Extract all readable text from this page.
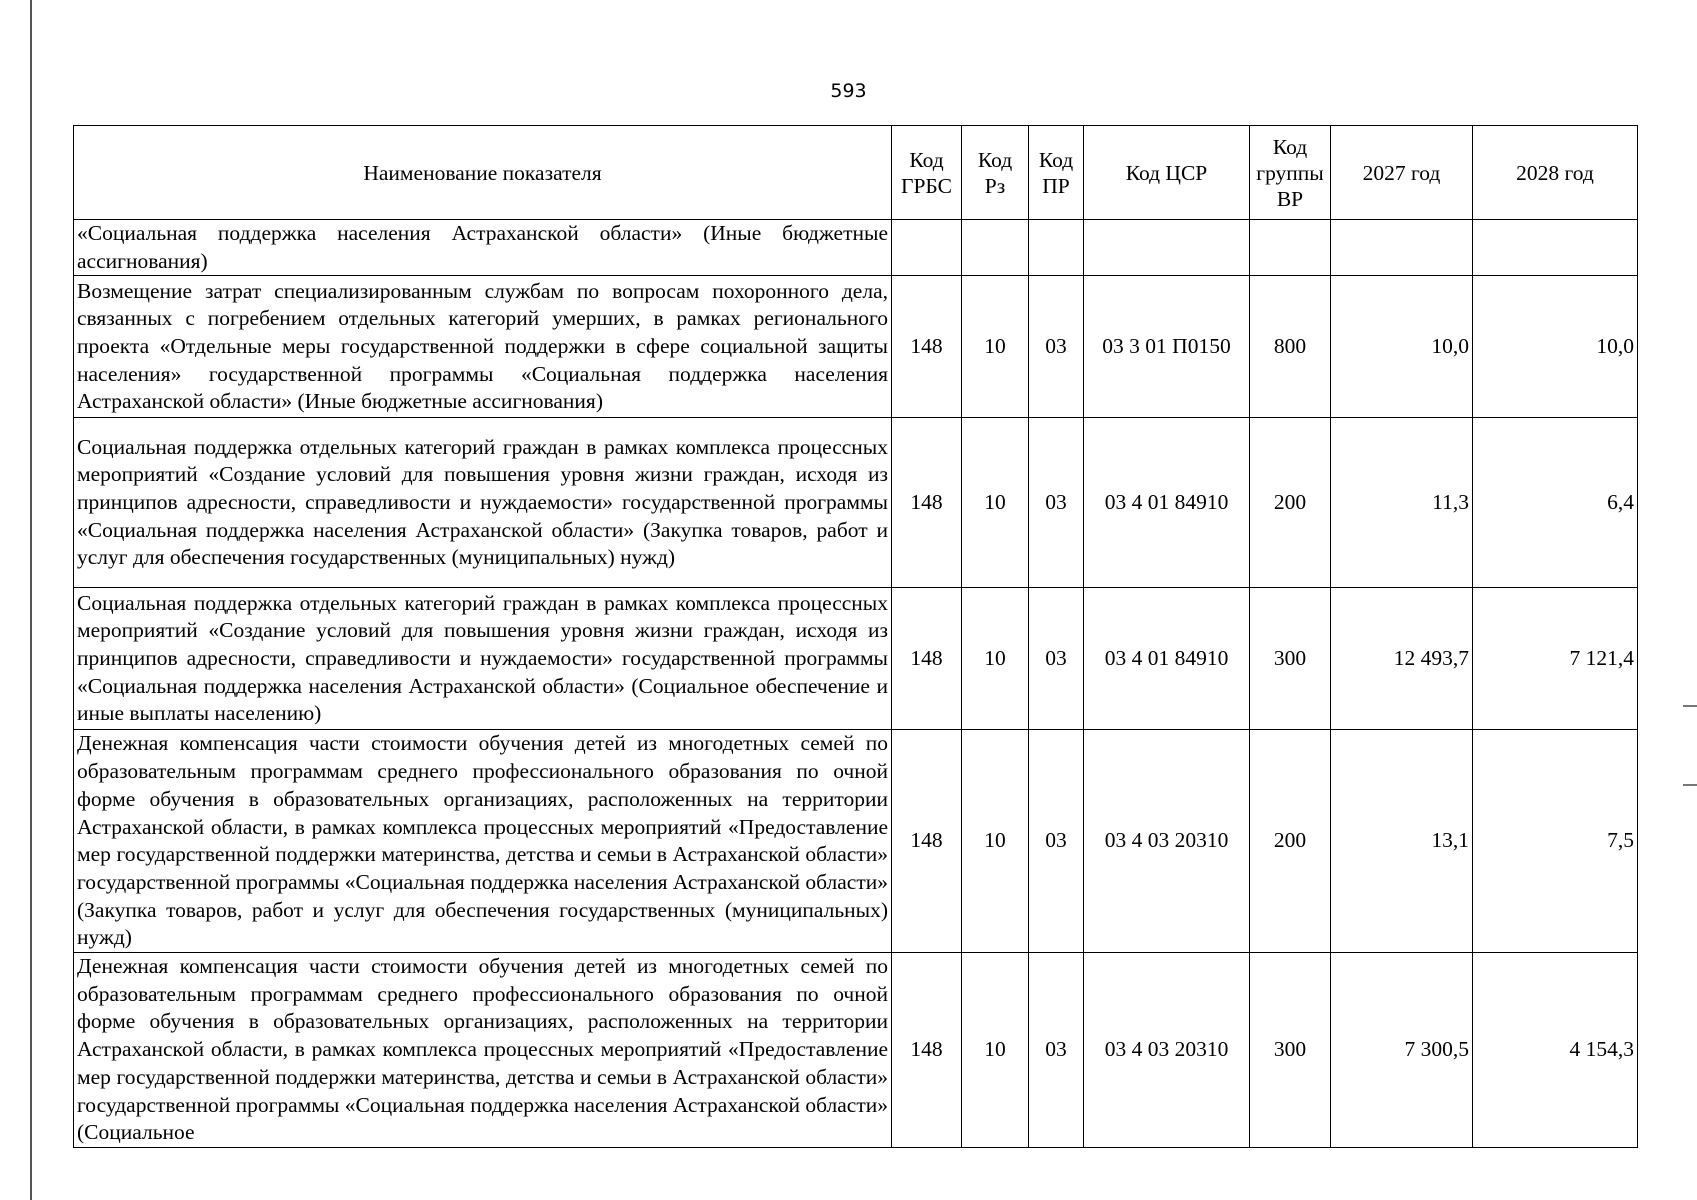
593
Наименование показателя	Код ГРБС	Код Рз	Код ПР	Код ЦСР	Код группы ВР	2027 год	2028 год
«Социальная поддержка населения Астраханской области» (Иные бюджетные ассигнования)							
Возмещение затрат специализированным службам по вопросам похоронного дела, связанных с погребением отдельных категорий умерших, в рамках регионального проекта «Отдельные меры государственной поддержки в сфере социальной защиты населения» государственной программы «Социальная поддержка населения Астраханской области» (Иные бюджетные ассигнования)	148	10	03	03 3 01 П0150	800	10,0	10,0
Социальная поддержка отдельных категорий граждан в рамках комплекса процессных мероприятий «Создание условий для повышения уровня жизни граждан, исходя из принципов адресности, справедливости и нуждаемости» государственной программы «Социальная поддержка населения Астраханской области» (Закупка товаров, работ и услуг для обеспечения государственных (муниципальных) нужд)	148	10	03	03 4 01 84910	200	11,3	6,4
Социальная поддержка отдельных категорий граждан в рамках комплекса процессных мероприятий «Создание условий для повышения уровня жизни граждан, исходя из принципов адресности, справедливости и нуждаемости» государственной программы «Социальная поддержка населения Астраханской области» (Социальное обеспечение и иные выплаты населению)	148	10	03	03 4 01 84910	300	12 493,7	7 121,4
Денежная компенсация части стоимости обучения детей из многодетных семей по образовательным программам среднего профессионального образования по очной форме обучения в образовательных организациях, расположенных на территории Астраханской области, в рамках комплекса процессных мероприятий «Предоставление мер государственной поддержки материнства, детства и семьи в Астраханской области» государственной программы «Социальная поддержка населения Астраханской области» (Закупка товаров, работ и услуг для обеспечения государственных (муниципальных) нужд)	148	10	03	03 4 03 20310	200	13,1	7,5
Денежная компенсация части стоимости обучения детей из многодетных семей по образовательным программам среднего профессионального образования по очной форме обучения в образовательных организациях, расположенных на территории Астраханской области, в рамках комплекса процессных мероприятий «Предоставление мер государственной поддержки материнства, детства и семьи в Астраханской области» государственной программы «Социальная поддержка населения Астраханской области» (Социальное	148	10	03	03 4 03 20310	300	7 300,5	4 154,3
